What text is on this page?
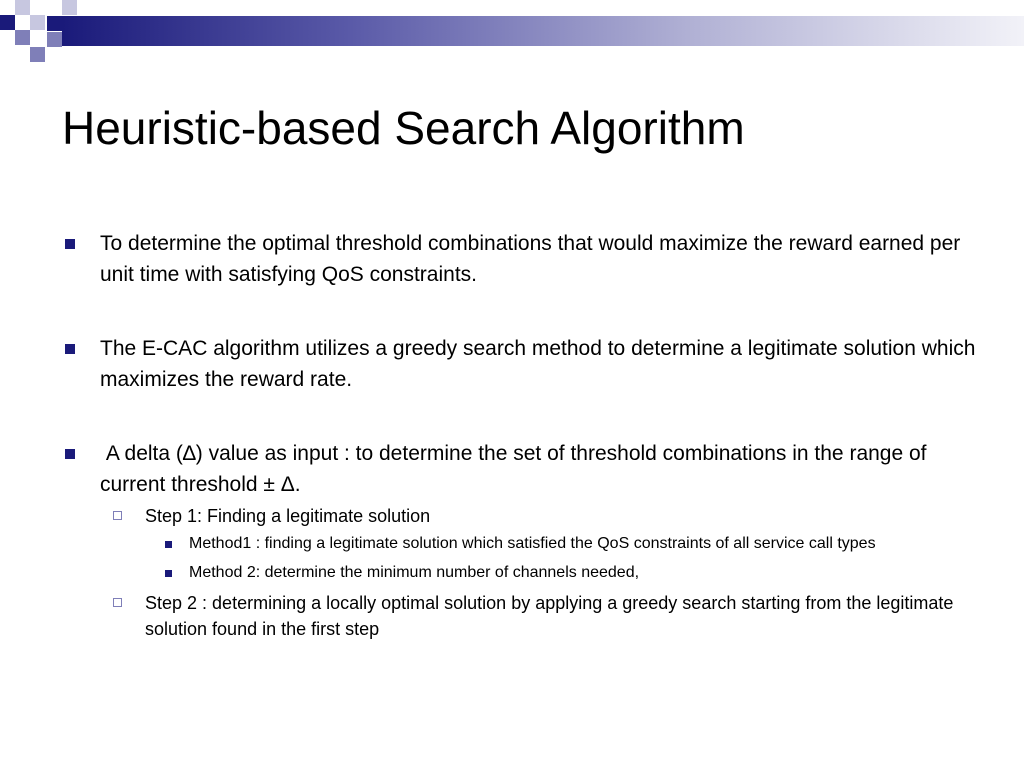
Heuristic-based Search Algorithm

To determine the optimal threshold combinations that would maximize the reward earned per unit time with satisfying QoS constraints.

The E-CAC algorithm utilizes a greedy search method to determine a legitimate solution which maximizes the reward rate.

A delta (∆) value as input : to determine the set of threshold combinations in the range of current threshold ± Δ.

Step 1: Finding a legitimate solution

Method1 : finding a legitimate solution which satisfied the QoS constraints of all service call types

Method 2: determine the minimum number of channels needed,

Step 2 : determining a locally optimal solution by applying a greedy search starting from the legitimate solution found in the first step
